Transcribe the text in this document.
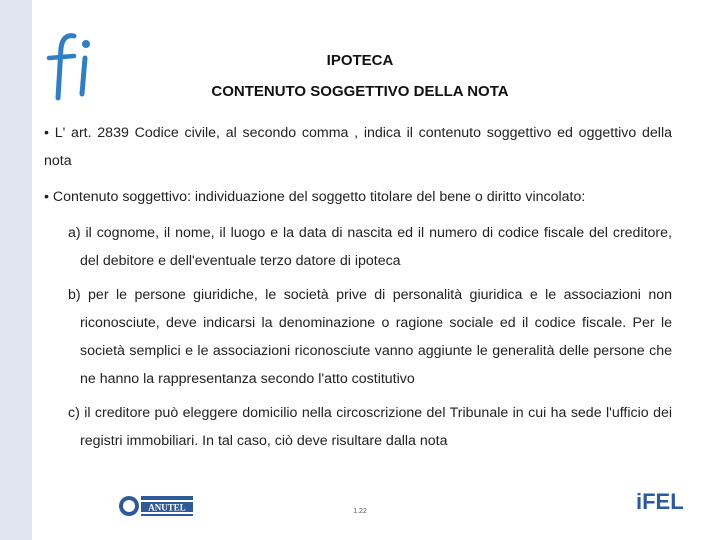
IPOTECA
CONTENUTO SOGGETTIVO DELLA NOTA

• L' art. 2839 Codice civile, al secondo comma , indica il contenuto soggettivo ed oggettivo della nota

• Contenuto soggettivo: individuazione del soggetto titolare del bene o diritto vincolato:

a) il cognome, il nome, il luogo e la data di nascita ed il numero di codice fiscale del creditore, del debitore e dell'eventuale terzo datore di ipoteca

b) per le persone giuridiche, le società prive di personalità giuridica e le associazioni non riconosciute, deve indicarsi la denominazione o ragione sociale ed il codice fiscale. Per le società semplici e le associazioni riconosciute vanno aggiunte le generalità delle persone che ne hanno la rappresentanza secondo l'atto costitutivo

c) il creditore può eleggere domicilio nella circoscrizione del Tribunale in cui ha sede l'ufficio dei registri immobiliari. In tal caso, ciò deve risultare dalla nota

ANUTEL	1.22	iFEL
